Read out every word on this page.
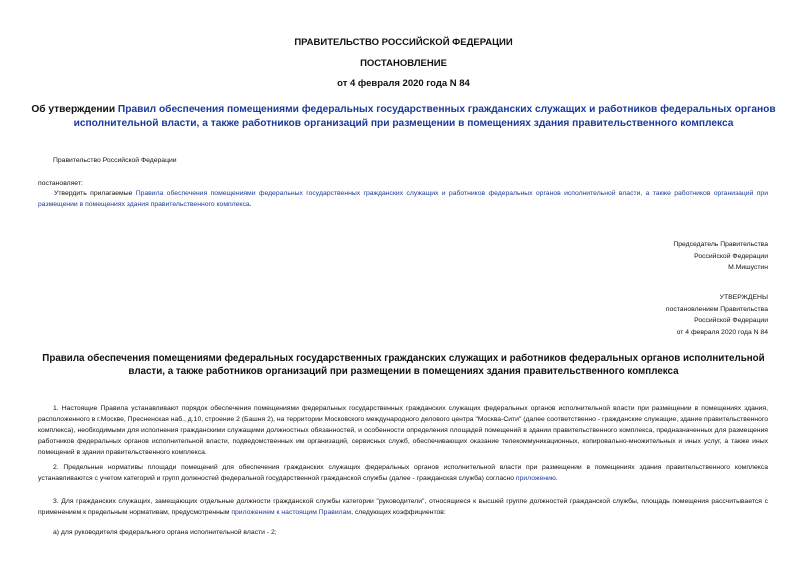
ПРАВИТЕЛЬСТВО РОССИЙСКОЙ ФЕДЕРАЦИИ
ПОСТАНОВЛЕНИЕ
от 4 февраля 2020 года N 84
Об утверждении Правил обеспечения помещениями федеральных государственных гражданских служащих и работников федеральных органов исполнительной власти, а также работников организаций при размещении в помещениях здания правительственного комплекса
Правительство Российской Федерации
постановляет:
Утвердить прилагаемые Правила обеспечения помещениями федеральных государственных гражданских служащих и работников федеральных органов исполнительной власти, а также работников организаций при размещении в помещениях здания правительственного комплекса.
Председатель Правительства
Российской Федерации
М.Мишустин
УТВЕРЖДЕНЫ
постановлением Правительства
Российской Федерации
от 4 февраля 2020 года N 84
Правила обеспечения помещениями федеральных государственных гражданских служащих и работников федеральных органов исполнительной власти, а также работников организаций при размещении в помещениях здания правительственного комплекса
1. Настоящие Правила устанавливают порядок обеспечения помещениями федеральных государственных гражданских служащих федеральных органов исполнительной власти при размещении в помещениях здания, расположенного в г.Москве, Пресненская наб., д.10, строение 2 (Башня 2), на территории Московского международного делового центра "Москва-Сити" (далее соответственно - гражданские служащие, здание правительственного комплекса), необходимыми для исполнения гражданскими служащими должностных обязанностей, и особенности определения площадей помещений в здании правительственного комплекса, предназначенных для размещения работников федеральных органов исполнительной власти, подведомственных им организаций, сервисных служб, обеспечивающих оказание телекоммуникационных, копировально-множительных и иных услуг, а также иных помещений в здании правительственного комплекса.
2. Предельные нормативы площади помещений для обеспечения гражданских служащих федеральных органов исполнительной власти при размещении в помещениях здания правительственного комплекса устанавливаются с учетом категорий и групп должностей федеральной государственной гражданской службы (далее - гражданская служба) согласно приложению.
3. Для гражданских служащих, замещающих отдельные должности гражданской службы категории "руководители", относящиеся к высшей группе должностей гражданской службы, площадь помещения рассчитывается с применением к предельным нормативам, предусмотренным приложением к настоящим Правилам, следующих коэффициентов:
а) для руководителя федерального органа исполнительной власти - 2;
